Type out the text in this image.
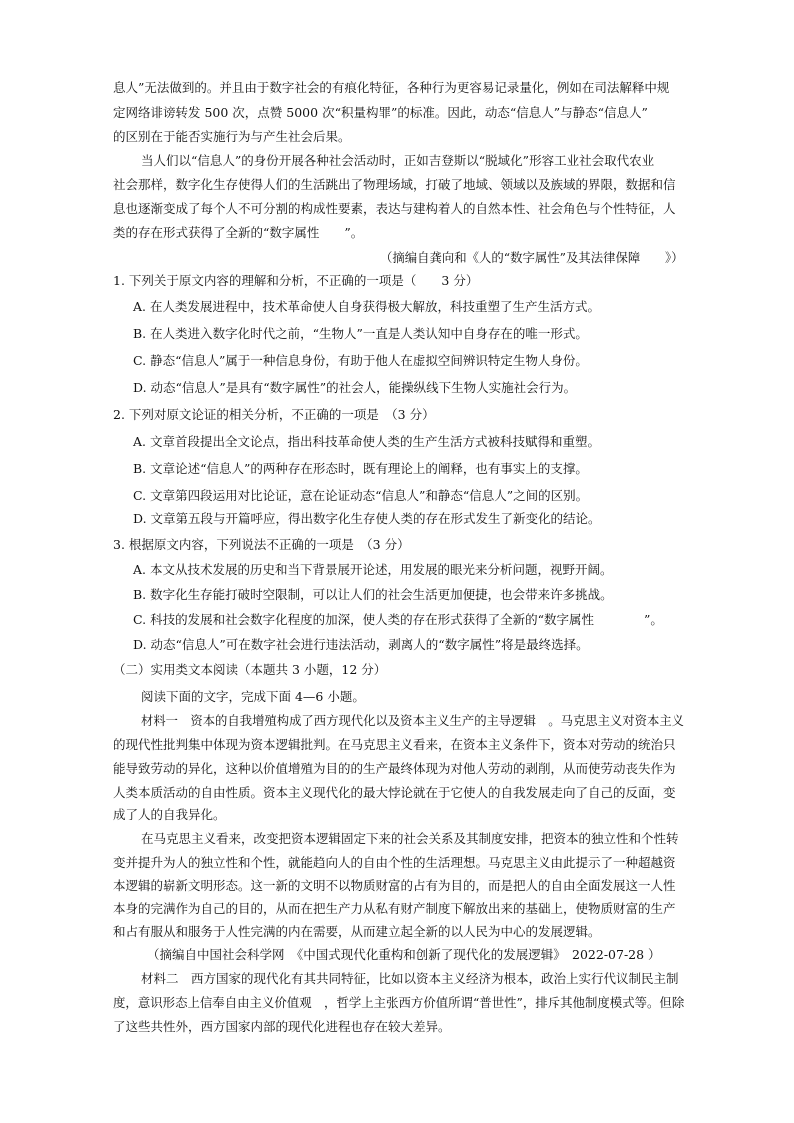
息人”无法做到的。并且由于数字社会的有痕化特征，各种行为更容易记录量化，例如在司法解释中规
定网络诽谤转发 500 次，点赞 5000 次“积量构罪”的标准。因此，动态“信息人”与静态“信息人”
的区别在于能否实施行为与产生社会后果。
当人们以“信息人”的身份开展各种社会活动时，正如吉登斯以“脱域化”形容工业社会取代农业
社会那样，数字化生存使得人们的生活跳出了物理场域，打破了地域、领域以及族域的界限，数据和信
息也逐渐变成了每个人不可分割的构成性要素，表达与建构着人的自然本性、社会角色与个性特征，人
类的存在形式获得了全新的“数字属性　　”。
（摘编自龚向和《人的“数字属性”及其法律保障　　》）
1. 下列关于原文内容的理解和分析，不正确的一项是（　　3 分）
A. 在人类发展进程中，技术革命使人自身获得极大解放，科技重塑了生产生活方式。
B. 在人类进入数字化时代之前，“生物人”一直是人类认知中自身存在的唯一形式。
C. 静态“信息人”属于一种信息身份，有助于他人在虚拟空间辨识特定生物人身份。
D. 动态“信息人”是具有“数字属性”的社会人，能操纵线下生物人实施社会行为。
2. 下列对原文论证的相关分析，不正确的一项是　（3 分）
A. 文章首段提出全文论点，指出科技革命使人类的生产生活方式被科技赋得和重塑。
B. 文章论述“信息人”的两种存在形态时，既有理论上的阐释，也有事实上的支撑。
C. 文章第四段运用对比论证，意在论证动态“信息人”和静态“信息人”之间的区别。
D. 文章第五段与开篇呼应，得出数字化生存使人类的存在形式发生了新变化的结论。
3. 根据原文内容，下列说法不正确的一项是　（3 分）
A. 本文从技术发展的历史和当下背景展开论述，用发展的眼光来分析问题，视野开阔。
B. 数字化生存能打破时空限制，可以让人们的社会生活更加便捷，也会带来许多挑战。
C. 科技的发展和社会数字化程度的加深，使人类的存在形式获得了全新的“数字属性　　　　”。
D. 动态“信息人”可在数字社会进行违法活动，剥离人的“数字属性”将是最终选择。
（二）实用类文本阅读（本题共 3 小题，12 分）
阅读下面的文字，完成下面 4—6 小题。
材料一　资本的自我增殖构成了西方现代化以及资本主义生产的主导逻辑　。马克思主义对资本主义
的现代性批判集中体现为资本逻辑批判。在马克思主义看来，在资本主义条件下，资本对劳动的统治只
能导致劳动的异化，这种以价值增殖为目的的生产最终体现为对他人劳动的剥削，从而使劳动丧失作为
人类本质活动的自由性质。资本主义现代化的最大悖论就在于它使人的自我发展走向了自己的反面，变
成了人的自我异化。
在马克思主义看来，改变把资本逻辑固定下来的社会关系及其制度安排，把资本的独立性和个性转
变并提升为人的独立性和个性，就能趋向人的自由个性的生活理想。马克思主义由此提示了一种超越资
本逻辑的崭新文明形态。这一新的文明不以物质财富的占有为目的，而是把人的自由全面发展这一人性
本身的完满作为自己的目的，从而在把生产力从私有财产制度下解放出来的基础上，使物质财富的生产
和占有服从和服务于人性完满的内在需要，从而建立起全新的以人民为中心的发展逻辑。
（摘编自中国社会科学网　《中国式现代化重构和创新了现代化的发展逻辑》　2022-07-28 ）
材料二　西方国家的现代化有其共同特征，比如以资本主义经济为根本，政治上实行代议制民主制
度，意识形态上信奉自由主义价值观　，哲学上主张西方价值所谓“普世性”，排斥其他制度模式等。但除
了这些共性外，西方国家内部的现代化进程也存在较大差异。
